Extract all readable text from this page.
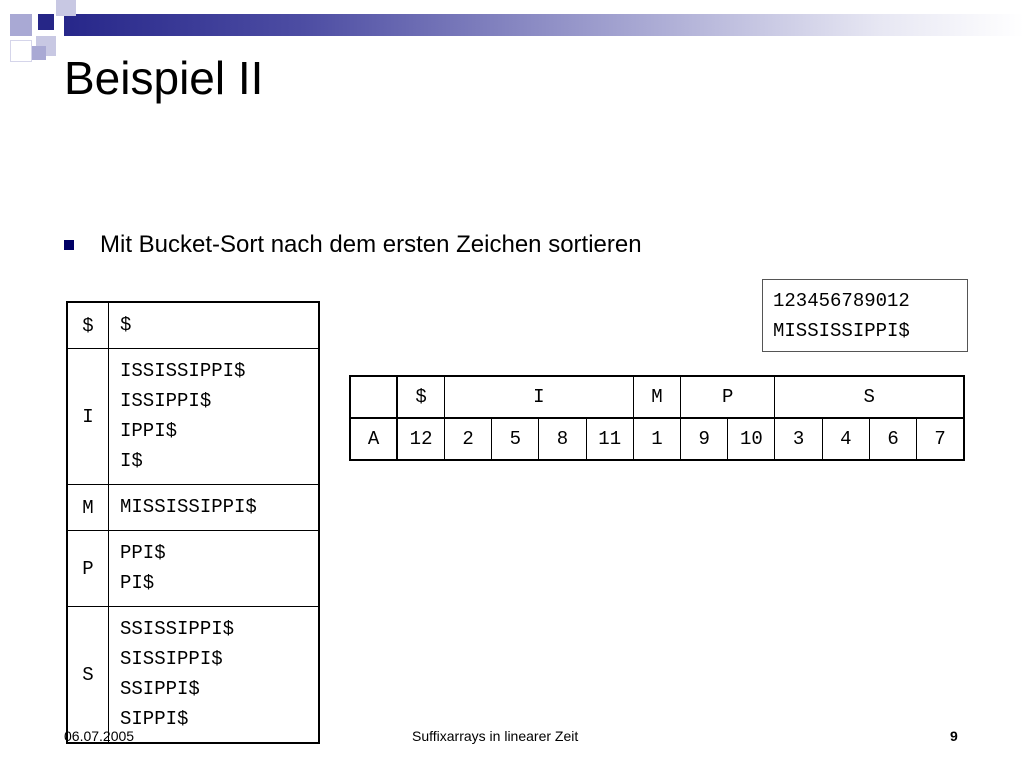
Beispiel II
Mit Bucket-Sort nach dem ersten Zeichen sortieren
$	$

I	ISSISSIPPI$
ISSIPPI$
IPPI$
I$

M	MISSISSIPPI$

P	PPI$
PI$

S	SSISSIPPI$
SISSIPPI$
SSIPPI$
SIPPI$
123456789012
MISSISSIPPI$
	$	I				M	P		S			
A	12	2	5	8	11	1	9	10	3	4	6	7
06.07.2005	Suffixarrays in linearer Zeit	9
